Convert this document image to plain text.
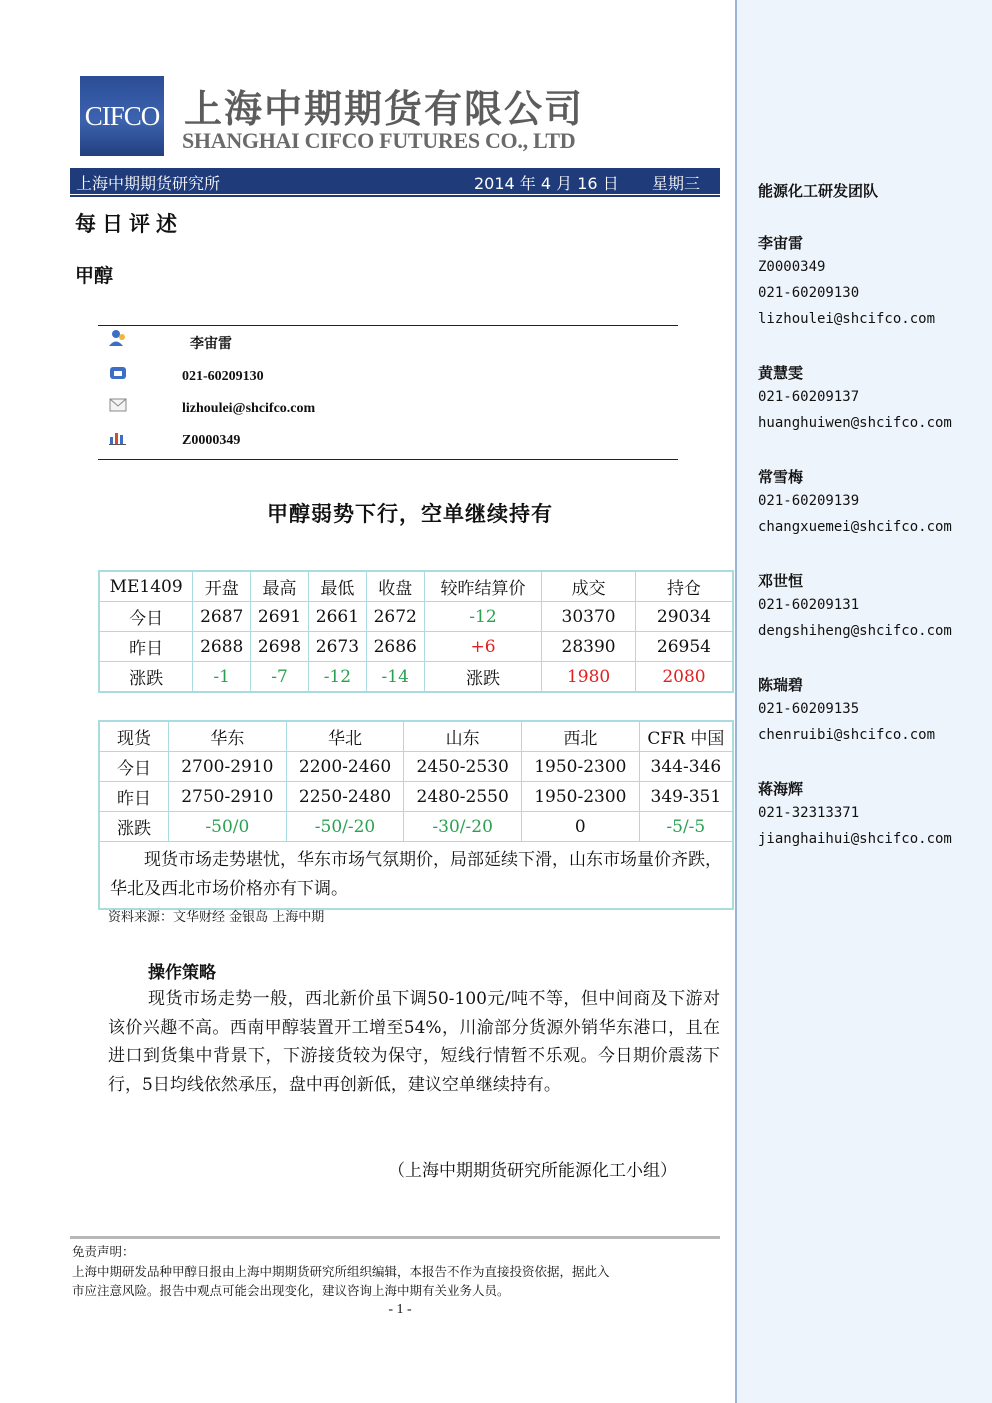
能源化工研发团队
李宙雷
Z0000349
021-60209130
lizhoulei@shcifco.com
黄慧雯
021-60209137
huanghuiwen@shcifco.com
常雪梅
021-60209139
changxuemei@shcifco.com
邓世恒
021-60209131
dengshiheng@shcifco.com
陈瑞碧
021-60209135
chenruibi@shcifco.com
蒋海辉
021-32313371
jianghaihui@shcifco.com
CIFCO 上海中期期货有限公司
SHANGHAI CIFCO FUTURES CO., LTD
上海中期期货研究所	2014 年 4 月 16 日 星期三
每日评述
甲醇
李宙雷
021-60209130
lizhoulei@shcifco.com
Z0000349
甲醇弱势下行，空单继续持有
ME1409	开盘	最高	最低	收盘	较昨结算价	成交	持仓
今日	2687	2691	2661	2672	-12	30370	29034
昨日	2688	2698	2673	2686	+6	28390	26954
涨跌	-1	-7	-12	-14	涨跌	1980	2080
现货	华东	华北	山东	西北	CFR 中国
今日	2700-2910	2200-2460	2450-2530	1950-2300	344-346
昨日	2750-2910	2250-2480	2480-2550	1950-2300	349-351
涨跌	-50/0	-50/-20	-30/-20	0	-5/-5
现货市场走势堪忧，华东市场气氛期价，局部延续下滑，山东市场量价齐跌，华北及西北市场价格亦有下调。					
资料来源：文华财经 金银岛 上海中期
操作策略
现货市场走势一般，西北新价虽下调50-100元/吨不等，但中间商及下游对该价兴趣不高。西南甲醇装置开工增至54%，川渝部分货源外销华东港口，且在进口到货集中背景下，下游接货较为保守，短线行情暂不乐观。今日期价震荡下行，5日均线依然承压，盘中再创新低，建议空单继续持有。
（上海中期期货研究所能源化工小组）
免责声明：
上海中期研发品种甲醇日报由上海中期期货研究所组织编辑，本报告不作为直接投资依据，据此入
市应注意风险。报告中观点可能会出现变化，建议咨询上海中期有关业务人员。
- 1 -
